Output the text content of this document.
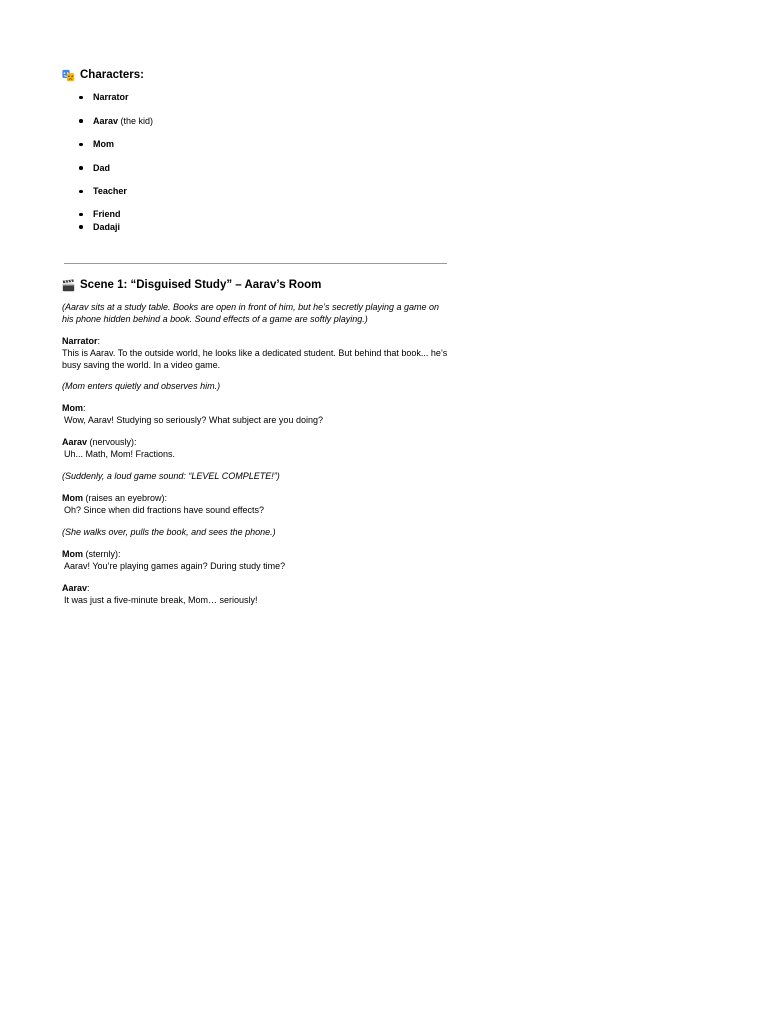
Characters:
Narrator
Aarav (the kid)
Mom
Dad
Teacher
Friend
Dadaji
Scene 1: “Disguised Study” – Aarav’s Room

(Aarav sits at a study table. Books are open in front of him, but he’s secretly playing a game on his phone hidden behind a book. Sound effects of a game are softly playing.)

Narrator:

This is Aarav. To the outside world, he looks like a dedicated student. But behind that book... he’s busy saving the world. In a video game.

(Mom enters quietly and observes him.)

Mom:

Wow, Aarav! Studying so seriously? What subject are you doing?

Aarav (nervously):

Uh... Math, Mom! Fractions.

(Suddenly, a loud game sound: “LEVEL COMPLETE!”)

Mom (raises an eyebrow):

Oh? Since when did fractions have sound effects?

(She walks over, pulls the book, and sees the phone.)

Mom (sternly):

Aarav! You’re playing games again? During study time?

Aarav:

It was just a five-minute break, Mom… seriously!
